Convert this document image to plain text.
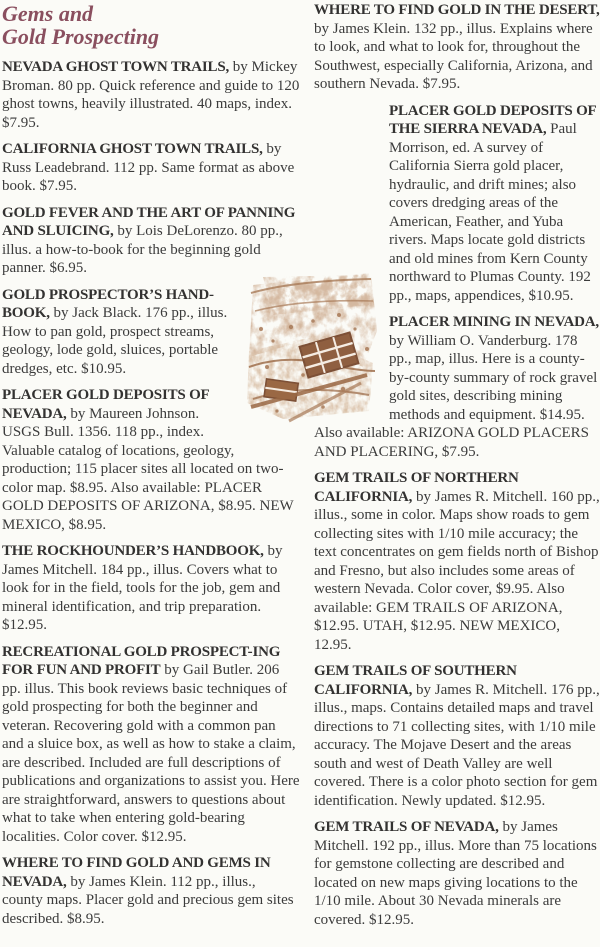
Gems and
Gold Prospecting

NEVADA GHOST TOWN TRAILS, by Mickey Broman. 80 pp. Quick reference and guide to 120 ghost towns, heavily illustrated. 40 maps, index. $7.95.

CALIFORNIA GHOST TOWN TRAILS, by Russ Leadebrand. 112 pp. Same format as above book. $7.95.

GOLD FEVER AND THE ART OF PANNING AND SLUICING, by Lois DeLorenzo. 80 pp., illus. a how-to-book for the beginning gold panner. $6.95.

GOLD PROSPECTOR’S HAND-BOOK, by Jack Black. 176 pp., illus. How to pan gold, prospect streams, geology, lode gold, sluices, portable dredges, etc. $10.95.

PLACER GOLD DEPOSITS OF NEVADA, by Maureen Johnson. USGS Bull. 1356. 118 pp., index. Valuable catalog of locations, geology, production; 115 placer sites all located on two-color map. $8.95. Also available: PLACER GOLD DEPOSITS OF ARIZONA, $8.95. NEW MEXICO, $8.95.

THE ROCKHOUNDER’S HANDBOOK, by James Mitchell. 184 pp., illus. Covers what to look for in the field, tools for the job, gem and mineral identification, and trip preparation. $12.95.

RECREATIONAL GOLD PROSPECT-ING FOR FUN AND PROFIT by Gail Butler. 206 pp. illus. This book reviews basic techniques of gold prospecting for both the beginner and veteran. Recovering gold with a common pan and a sluice box, as well as how to stake a claim, are described. Included are full descriptions of publications and organizations to assist you. Here are straightforward, answers to questions about what to take when entering gold-bearing localities. Color cover. $12.95.

WHERE TO FIND GOLD AND GEMS IN NEVADA, by James Klein. 112 pp., illus., county maps. Placer gold and precious gem sites described. $8.95.

WHERE TO FIND GOLD IN THE DESERT, by James Klein. 132 pp., illus. Explains where to look, and what to look for, throughout the Southwest, especially California, Arizona, and southern Nevada. $7.95.

PLACER GOLD DEPOSITS OF THE SIERRA NEVADA, Paul Morrison, ed. A survey of California Sierra gold placer, hydraulic, and drift mines; also covers dredging areas of the American, Feather, and Yuba rivers. Maps locate gold districts and old mines from Kern County northward to Plumas County. 192 pp., maps, appendices, $10.95.

PLACER MINING IN NEVADA, by William O. Vanderburg. 178 pp., map, illus. Here is a county-by-county summary of rock gravel gold sites, describing mining methods and equipment. $14.95. Also available: ARIZONA GOLD PLACERS AND PLACERING, $7.95.

GEM TRAILS OF NORTHERN CALIFORNIA, by James R. Mitchell. 160 pp., illus., some in color. Maps show roads to gem collecting sites with 1/10 mile accuracy; the text concentrates on gem fields north of Bishop and Fresno, but also includes some areas of western Nevada. Color cover, $9.95. Also available: GEM TRAILS OF ARIZONA, $12.95. UTAH, $12.95. NEW MEXICO, 12.95.

GEM TRAILS OF SOUTHERN CALIFORNIA, by James R. Mitchell. 176 pp., illus., maps. Contains detailed maps and travel directions to 71 collecting sites, with 1/10 mile accuracy. The Mojave Desert and the areas south and west of Death Valley are well covered. There is a color photo section for gem identification. Newly updated. $12.95.

GEM TRAILS OF NEVADA, by James Mitchell. 192 pp., illus. More than 75 locations for gemstone collecting are described and located on new maps giving locations to the 1/10 mile. About 30 Nevada minerals are covered. $12.95.
